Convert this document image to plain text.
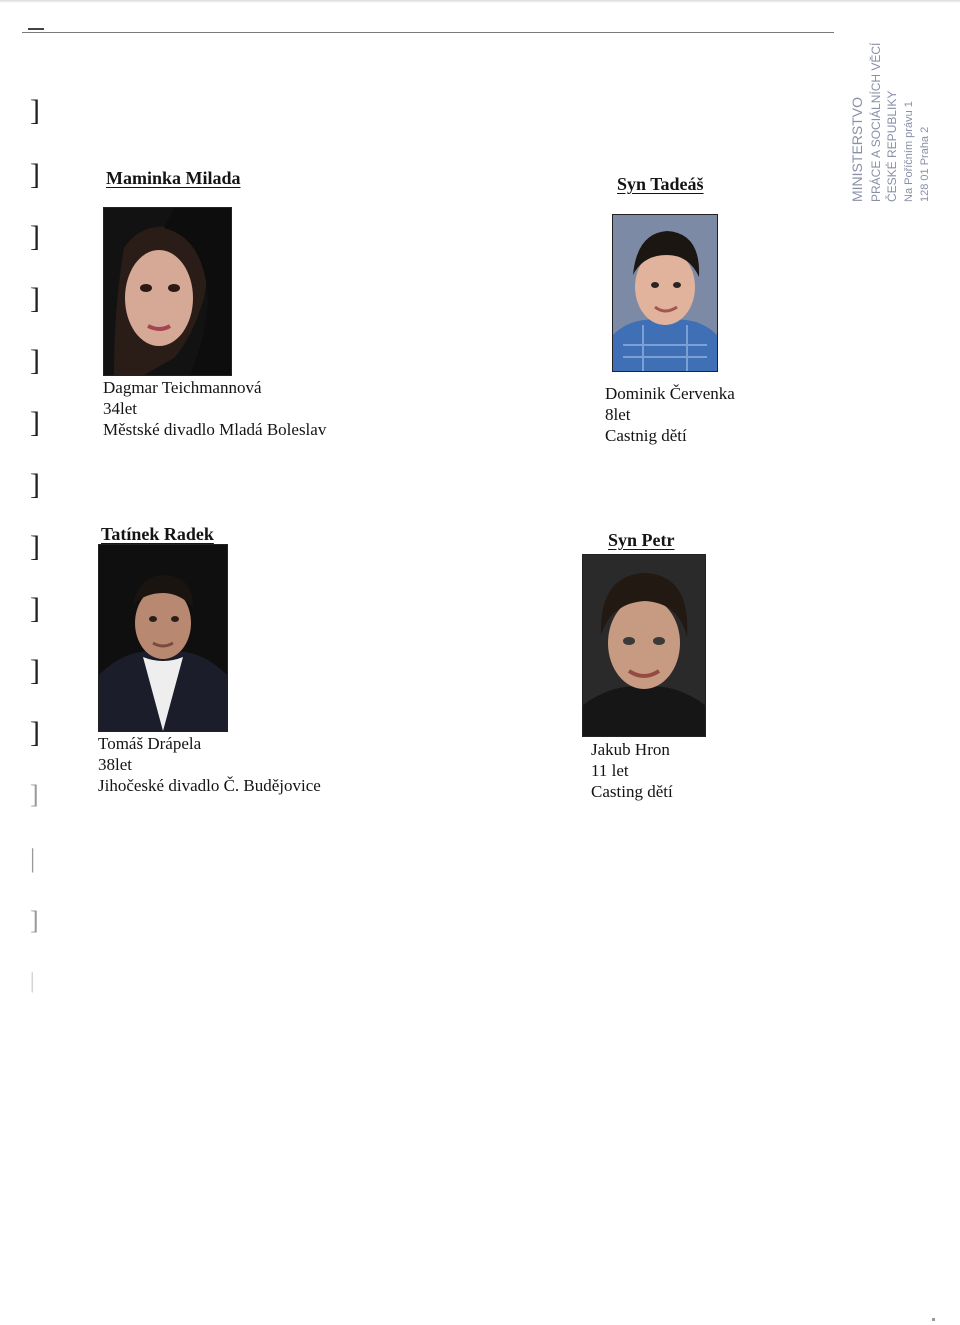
]
]
]
]
]
]
]
]
]
]
]
]
|
]
|
MINISTERSTVO PRÁCE A SOCIÁLNÍCH VĚCÍ ČESKÉ REPUBLIKY Na Poříčním právu 1 128 01 Praha 2
Maminka Milada
Dagmar Teichmannová
34let
Městské divadlo Mladá Boleslav
Syn Tadeáš
Dominik Červenka
8let
Castnig dětí
Tatínek Radek
Tomáš Drápela
38let
Jihočeské divadlo Č. Budějovice
Syn Petr
Jakub Hron
11 let
Casting dětí
